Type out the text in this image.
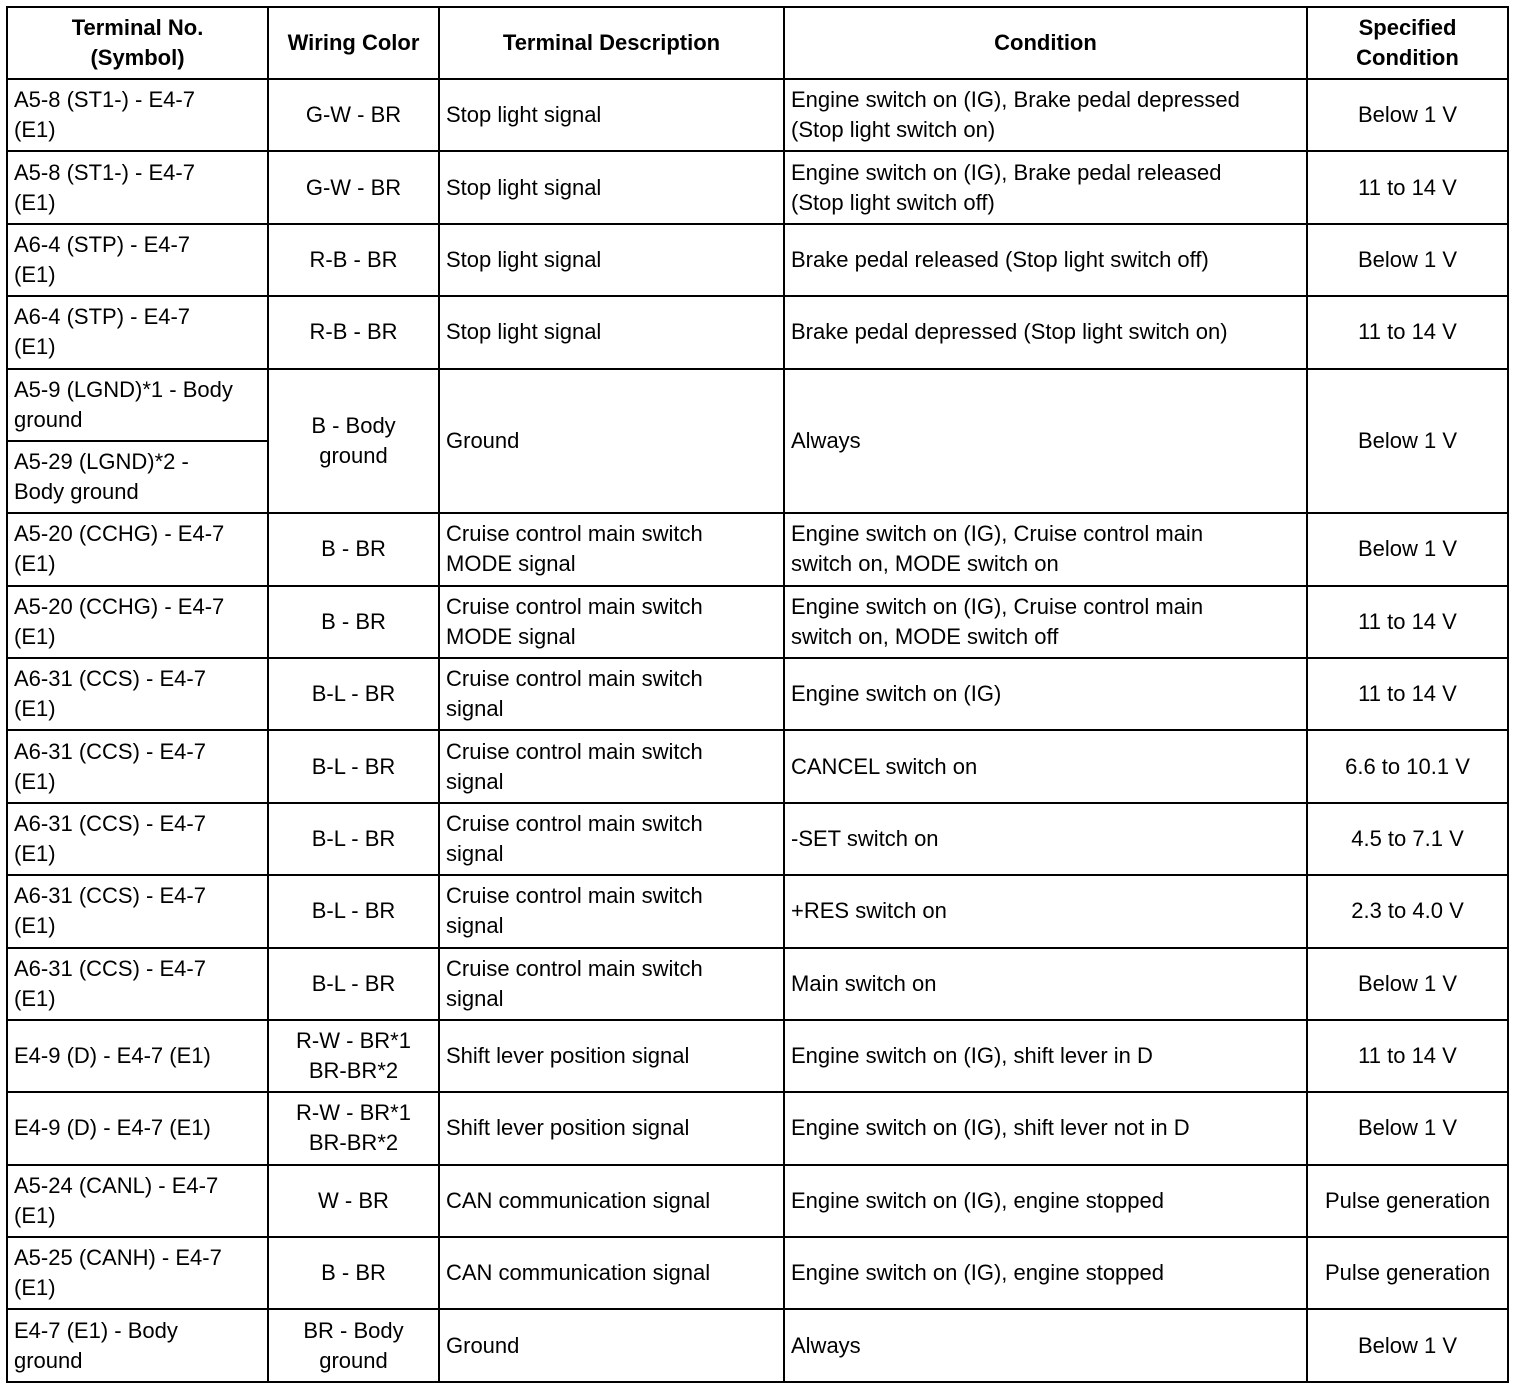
Terminal No.
(Symbol)	Wiring Color	Terminal Description	Condition	Specified
Condition

A5-8 (ST1-) - E4-7
(E1)	G-W - BR	Stop light signal	Engine switch on (IG), Brake pedal depressed
(Stop light switch on)	Below 1 V

A5-8 (ST1-) - E4-7
(E1)	G-W - BR	Stop light signal	Engine switch on (IG), Brake pedal released
(Stop light switch off)	11 to 14 V

A6-4 (STP) - E4-7
(E1)	R-B - BR	Stop light signal	Brake pedal released (Stop light switch off)	Below 1 V

A6-4 (STP) - E4-7
(E1)	R-B - BR	Stop light signal	Brake pedal depressed (Stop light switch on)	11 to 14 V

A5-9 (LGND)*1 - Body
ground	B - Body
ground	Ground	Always	Below 1 V

A5-29 (LGND)*2 -
Body ground				

A5-20 (CCHG) - E4-7
(E1)	B - BR	Cruise control main switch
MODE signal	Engine switch on (IG), Cruise control main
switch on, MODE switch on	Below 1 V

A5-20 (CCHG) - E4-7
(E1)	B - BR	Cruise control main switch
MODE signal	Engine switch on (IG), Cruise control main
switch on, MODE switch off	11 to 14 V

A6-31 (CCS) - E4-7
(E1)	B-L - BR	Cruise control main switch
signal	Engine switch on (IG)	11 to 14 V

A6-31 (CCS) - E4-7
(E1)	B-L - BR	Cruise control main switch
signal	CANCEL switch on	6.6 to 10.1 V

A6-31 (CCS) - E4-7
(E1)	B-L - BR	Cruise control main switch
signal	-SET switch on	4.5 to 7.1 V

A6-31 (CCS) - E4-7
(E1)	B-L - BR	Cruise control main switch
signal	+RES switch on	2.3 to 4.0 V

A6-31 (CCS) - E4-7
(E1)	B-L - BR	Cruise control main switch
signal	Main switch on	Below 1 V

E4-9 (D) - E4-7 (E1)	R-W - BR*1
BR-BR*2	Shift lever position signal	Engine switch on (IG), shift lever in D	11 to 14 V

E4-9 (D) - E4-7 (E1)	R-W - BR*1
BR-BR*2	Shift lever position signal	Engine switch on (IG), shift lever not in D	Below 1 V

A5-24 (CANL) - E4-7
(E1)	W - BR	CAN communication signal	Engine switch on (IG), engine stopped	Pulse generation

A5-25 (CANH) - E4-7
(E1)	B - BR	CAN communication signal	Engine switch on (IG), engine stopped	Pulse generation

E4-7 (E1) - Body
ground	BR - Body
ground	Ground	Always	Below 1 V
